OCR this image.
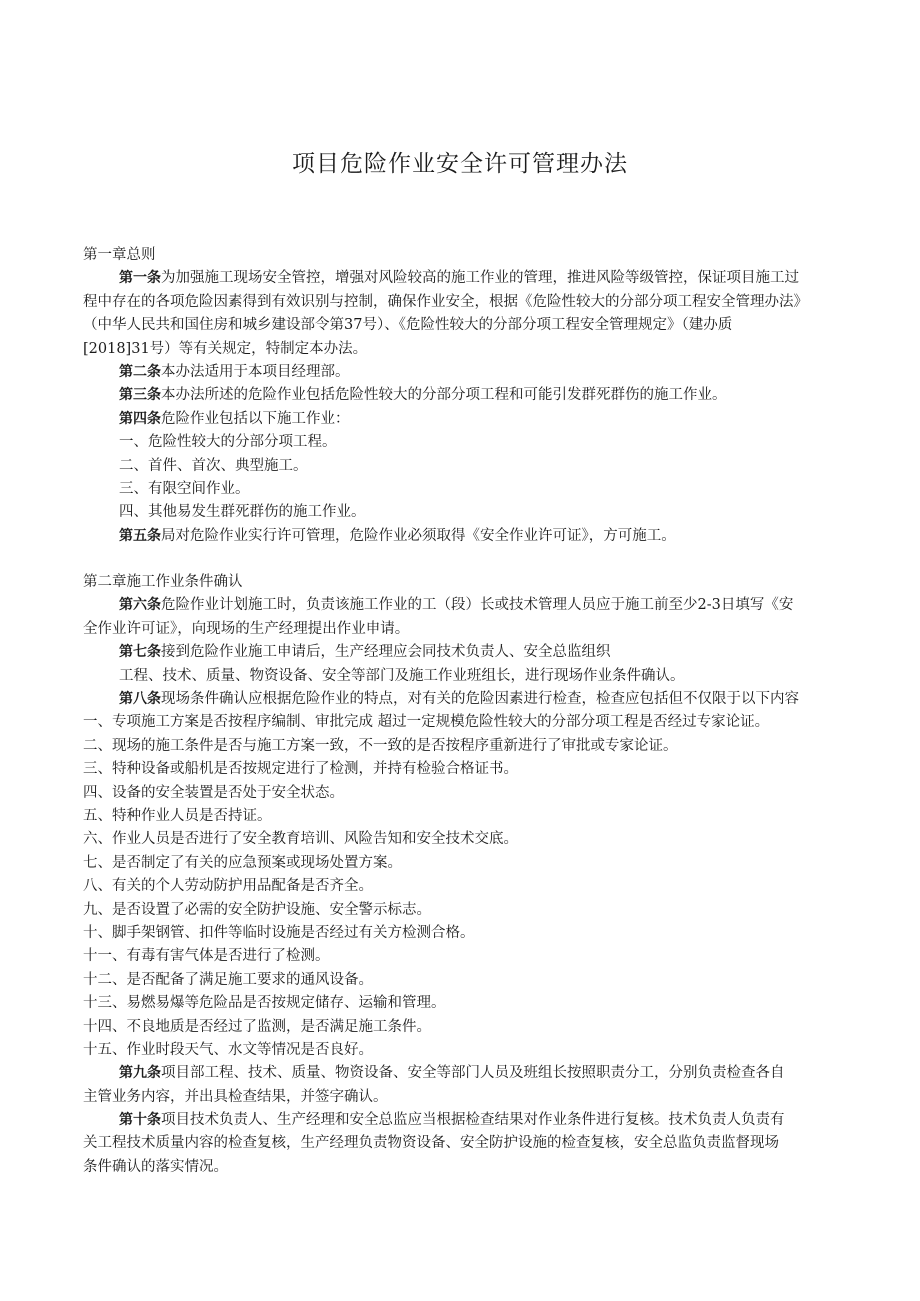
项目危险作业安全许可管理办法
第一章总则
第一条为加强施工现场安全管控，增强对风险较高的施工作业的管理，推进风险等级管控，保证项目施工过
程中存在的各项危险因素得到有效识别与控制，确保作业安全，根据《危险性较大的分部分项工程安全管理办法》
（中华人民共和国住房和城乡建设部令第37号）、《危险性较大的分部分项工程安全管理规定》（建办质
[2018]31号）等有关规定，特制定本办法。
第二条本办法适用于本项目经理部。
第三条本办法所述的危险作业包括危险性较大的分部分项工程和可能引发群死群伤的施工作业。
第四条危险作业包括以下施工作业：
一、危险性较大的分部分项工程。
二、首件、首次、典型施工。
三、有限空间作业。
四、其他易发生群死群伤的施工作业。
第五条局对危险作业实行许可管理，危险作业必须取得《安全作业许可证》，方可施工。
第二章施工作业条件确认
第六条危险作业计划施工时，负责该施工作业的工（段）长或技术管理人员应于施工前至少2-3日填写《安
全作业许可证》，向现场的生产经理提出作业申请。
第七条接到危险作业施工申请后，生产经理应会同技术负责人、安全总监组织
工程、技术、质量、物资设备、安全等部门及施工作业班组长，进行现场作业条件确认。
第八条现场条件确认应根据危险作业的特点，对有关的危险因素进行检查，检查应包括但不仅限于以下内容
一、专项施工方案是否按程序编制、审批完成 超过一定规模危险性较大的分部分项工程是否经过专家论证。
二、现场的施工条件是否与施工方案一致，不一致的是否按程序重新进行了审批或专家论证。
三、特种设备或船机是否按规定进行了检测，并持有检验合格证书。
四、设备的安全装置是否处于安全状态。
五、特种作业人员是否持证。
六、作业人员是否进行了安全教育培训、风险告知和安全技术交底。
七、是否制定了有关的应急预案或现场处置方案。
八、有关的个人劳动防护用品配备是否齐全。
九、是否设置了必需的安全防护设施、安全警示标志。
十、脚手架钢管、扣件等临时设施是否经过有关方检测合格。
十一、有毒有害气体是否进行了检测。
十二、是否配备了满足施工要求的通风设备。
十三、易燃易爆等危险品是否按规定储存、运输和管理。
十四、不良地质是否经过了监测，是否满足施工条件。
十五、作业时段天气、水文等情况是否良好。
第九条项目部工程、技术、质量、物资设备、安全等部门人员及班组长按照职责分工，分别负责检查各自
主管业务内容，并出具检查结果，并签字确认。
第十条项目技术负责人、生产经理和安全总监应当根据检查结果对作业条件进行复核。技术负责人负责有
关工程技术质量内容的检查复核，生产经理负责物资设备、安全防护设施的检查复核，安全总监负责监督现场
条件确认的落实情况。
